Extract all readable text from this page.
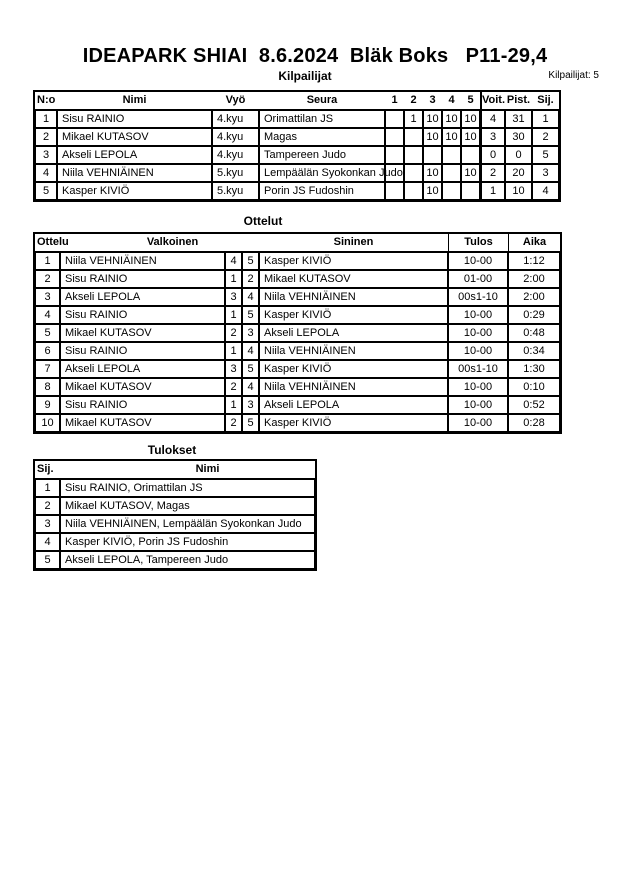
IDEAPARK SHIAI  8.6.2024  Bläk Boks   P11-29,4
Kilpailijat	Kilpailijat: 5
N:o	Nimi	Vyö	Seura	1	2	3	4	5	Voit.	Pist.	Sij.
1	Sisu RAINIO	4.kyu	Orimattilan JS		1	10	10	10	4	31	1
2	Mikael KUTASOV	4.kyu	Magas			10	10	10	3	30	2
3	Akseli LEPOLA	4.kyu	Tampereen Judo						0	0	5
4	Niila VEHNIÄINEN	5.kyu	Lempäälän Syokonkan Judo			10		10	2	20	3
5	Kasper KIVIÖ	5.kyu	Porin JS Fudoshin			10			1	10	4
Ottelut
Ottelu	Valkoinen			Sininen	Tulos	Aika
1	Niila VEHNIÄINEN	4	5	Kasper KIVIÖ	10-00	1:12
2	Sisu RAINIO	1	2	Mikael KUTASOV	01-00	2:00
3	Akseli LEPOLA	3	4	Niila VEHNIÄINEN	00s1-10	2:00
4	Sisu RAINIO	1	5	Kasper KIVIÖ	10-00	0:29
5	Mikael KUTASOV	2	3	Akseli LEPOLA	10-00	0:48
6	Sisu RAINIO	1	4	Niila VEHNIÄINEN	10-00	0:34
7	Akseli LEPOLA	3	5	Kasper KIVIÖ	00s1-10	1:30
8	Mikael KUTASOV	2	4	Niila VEHNIÄINEN	10-00	0:10
9	Sisu RAINIO	1	3	Akseli LEPOLA	10-00	0:52
10	Mikael KUTASOV	2	5	Kasper KIVIÖ	10-00	0:28
Tulokset
Sij.	Nimi
1	Sisu RAINIO, Orimattilan JS
2	Mikael KUTASOV, Magas
3	Niila VEHNIÄINEN, Lempäälän Syokonkan Judo
4	Kasper KIVIÖ, Porin JS Fudoshin
5	Akseli LEPOLA, Tampereen Judo
